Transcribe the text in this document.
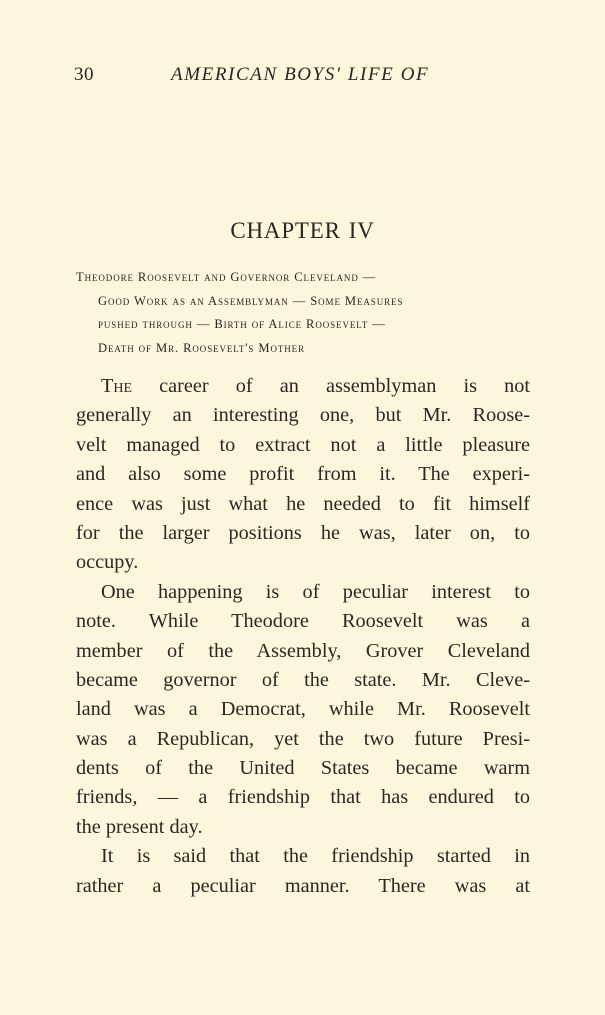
30	AMERICAN BOYS' LIFE OF
CHAPTER IV
Theodore Roosevelt and Governor Cleveland —
Good Work as an Assemblyman — Some Measures
pushed through — Birth of Alice Roosevelt —
Death of Mr. Roosevelt's Mother
The career of an assemblyman is not
generally an interesting one, but Mr. Roose-
velt managed to extract not a little pleasure
and also some profit from it. The experi-
ence was just what he needed to fit himself
for the larger positions he was, later on, to
occupy.
One happening is of peculiar interest to
note. While Theodore Roosevelt was a
member of the Assembly, Grover Cleveland
became governor of the state. Mr. Cleve-
land was a Democrat, while Mr. Roosevelt
was a Republican, yet the two future Presi-
dents of the United States became warm
friends, — a friendship that has endured to
the present day.
It is said that the friendship started in
rather a peculiar manner. There was at
